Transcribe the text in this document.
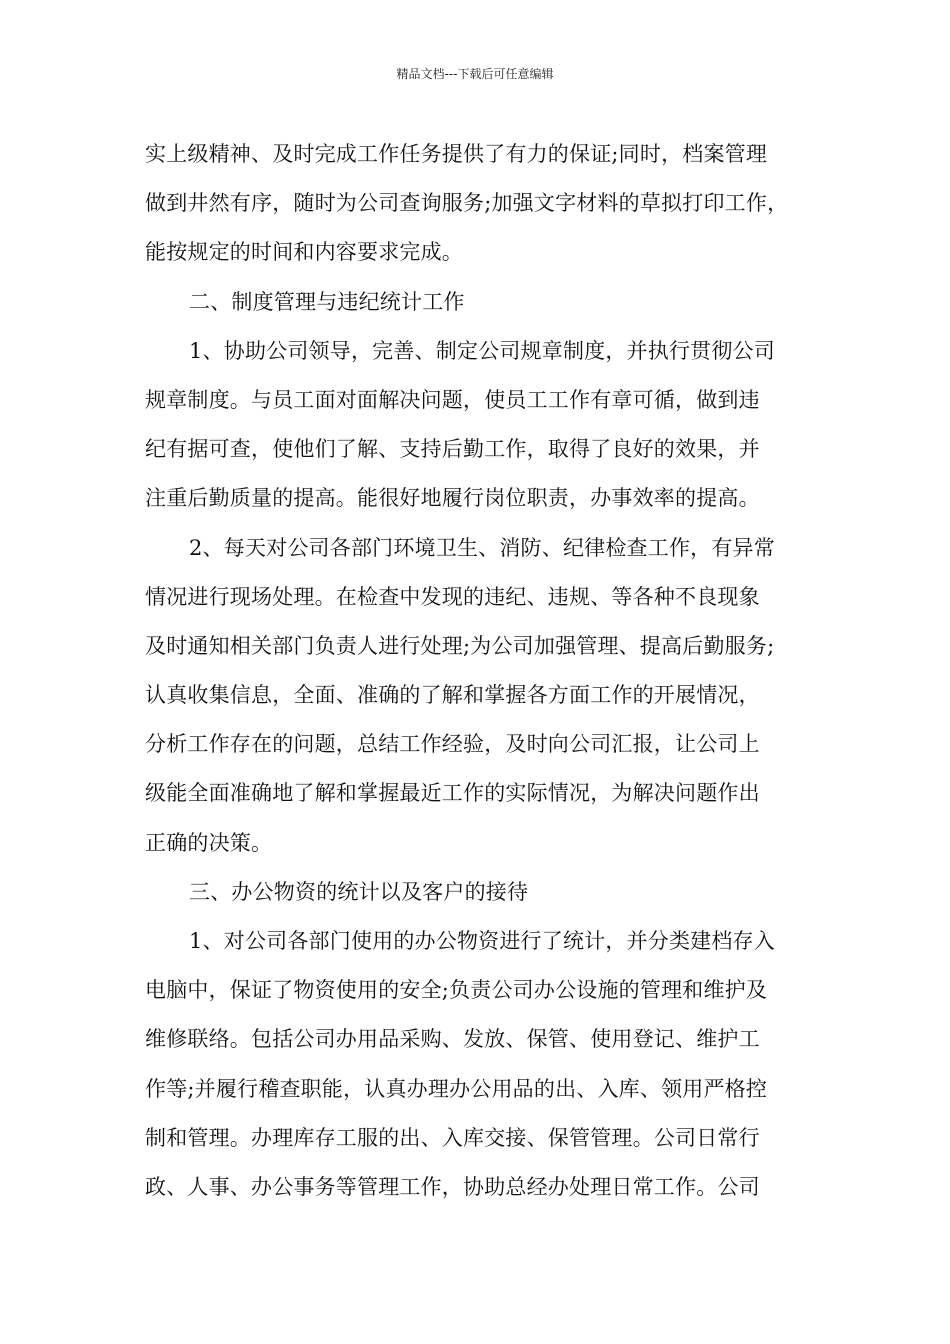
精品文档---下载后可任意编辑
实上级精神、及时完成工作任务提供了有力的保证;同时，档案管理
做到井然有序，随时为公司查询服务;加强文字材料的草拟打印工作，
能按规定的时间和内容要求完成。
二、制度管理与违纪统计工作
1、协助公司领导，完善、制定公司规章制度，并执行贯彻公司
规章制度。与员工面对面解决问题，使员工工作有章可循，做到违
纪有据可查，使他们了解、支持后勤工作，取得了良好的效果，并
注重后勤质量的提高。能很好地履行岗位职责，办事效率的提高。
2、每天对公司各部门环境卫生、消防、纪律检查工作，有异常
情况进行现场处理。在检查中发现的违纪、违规、等各种不良现象
及时通知相关部门负责人进行处理;为公司加强管理、提高后勤服务;
认真收集信息，全面、准确的了解和掌握各方面工作的开展情况，
分析工作存在的问题，总结工作经验，及时向公司汇报，让公司上
级能全面准确地了解和掌握最近工作的实际情况，为解决问题作出
正确的决策。
三、办公物资的统计以及客户的接待
1、对公司各部门使用的办公物资进行了统计，并分类建档存入
电脑中，保证了物资使用的安全;负责公司办公设施的管理和维护及
维修联络。包括公司办用品采购、发放、保管、使用登记、维护工
作等;并履行稽查职能，认真办理办公用品的出、入库、领用严格控
制和管理。办理库存工服的出、入库交接、保管管理。公司日常行
政、人事、办公事务等管理工作，协助总经办处理日常工作。公司
